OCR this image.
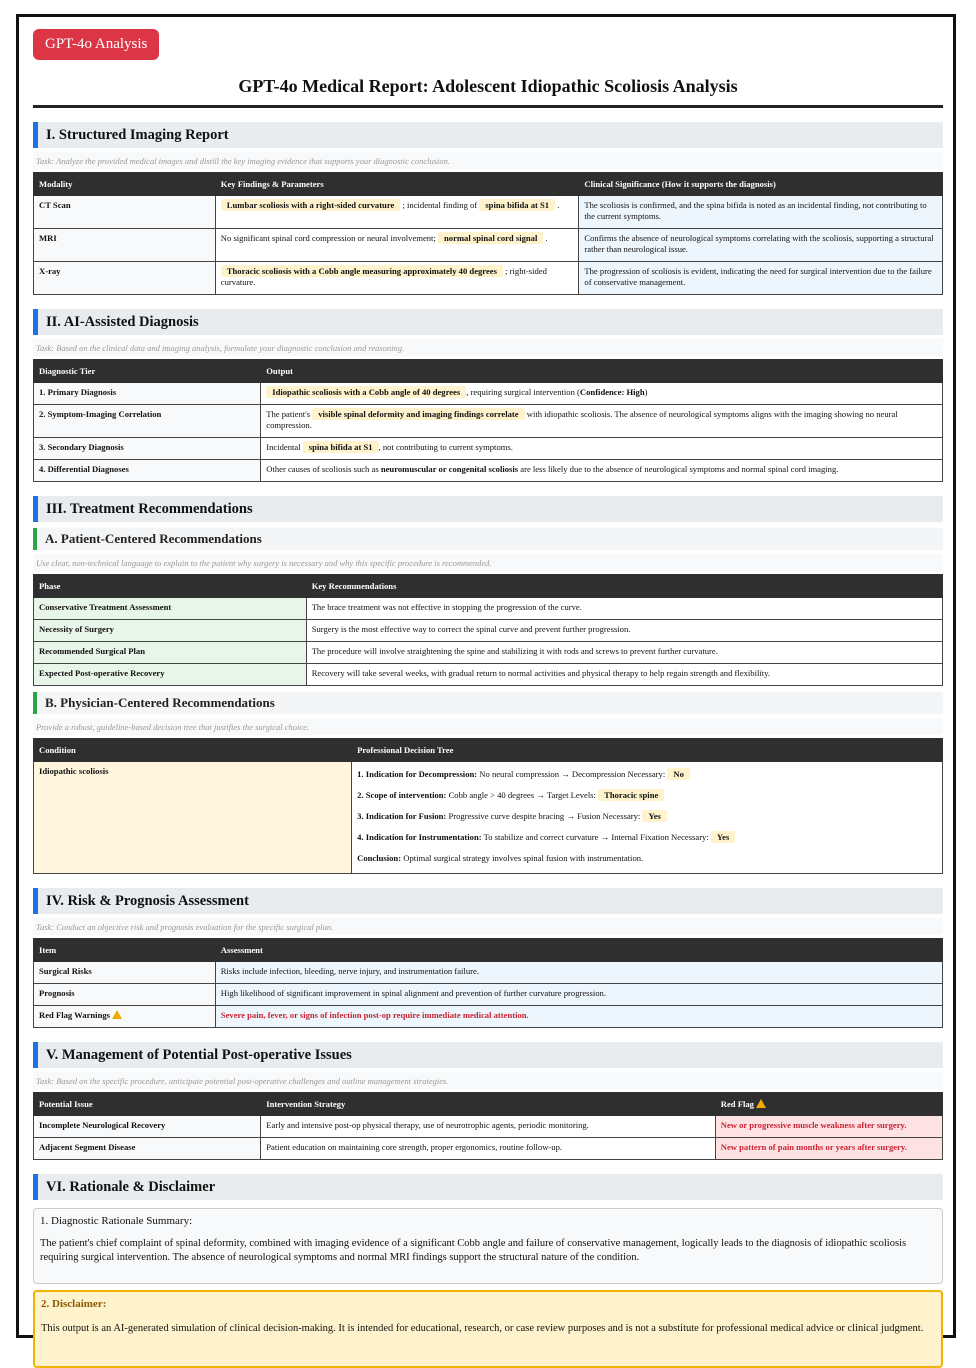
GPT-4o Analysis
GPT-4o Medical Report: Adolescent Idiopathic Scoliosis Analysis
I. Structured Imaging Report
Task: Analyze the provided medical images and distill the key imaging evidence that supports your diagnostic conclusion.
Modality	Key Findings & Parameters	Clinical Significance (How it supports the diagnosis)
CT Scan	Lumbar scoliosis with a right-sided curvature ; incidental finding of spina bifida at S1 .	The scoliosis is confirmed, and the spina bifida is noted as an incidental finding, not contributing to the current symptoms.
MRI	No significant spinal cord compression or neural involvement; normal spinal cord signal .	Confirms the absence of neurological symptoms correlating with the scoliosis, supporting a structural rather than neurological issue.
X-ray	Thoracic scoliosis with a Cobb angle measuring approximately 40 degrees ; right-sided curvature.	The progression of scoliosis is evident, indicating the need for surgical intervention due to the failure of conservative management.
II. AI-Assisted Diagnosis
Task: Based on the clinical data and imaging analysis, formulate your diagnostic conclusion and reasoning.
Diagnostic Tier	Output
1. Primary Diagnosis	Idiopathic scoliosis with a Cobb angle of 40 degrees , requiring surgical intervention (Confidence: High)
2. Symptom-Imaging Correlation	The patient's visible spinal deformity and imaging findings correlate with idiopathic scoliosis. The absence of neurological symptoms aligns with the imaging showing no neural compression.
3. Secondary Diagnosis	Incidental spina bifida at S1 , not contributing to current symptoms.
4. Differential Diagnoses	Other causes of scoliosis such as neuromuscular or congenital scoliosis are less likely due to the absence of neurological symptoms and normal spinal cord imaging.
III. Treatment Recommendations
A. Patient-Centered Recommendations
Use clear, non-technical language to explain to the patient why surgery is necessary and why this specific procedure is recommended.
Phase	Key Recommendations
Conservative Treatment Assessment	The brace treatment was not effective in stopping the progression of the curve.
Necessity of Surgery	Surgery is the most effective way to correct the spinal curve and prevent further progression.
Recommended Surgical Plan	The procedure will involve straightening the spine and stabilizing it with rods and screws to prevent further curvature.
Expected Post-operative Recovery	Recovery will take several weeks, with gradual return to normal activities and physical therapy to help regain strength and flexibility.
B. Physician-Centered Recommendations
Provide a robust, guideline-based decision tree that justifies the surgical choice.
Condition	Professional Decision Tree
Idiopathic scoliosis	1. Indication for Decompression: No neural compression → Decompression Necessary: No
2. Scope of intervention: Cobb angle > 40 degrees → Target Levels: Thoracic spine
3. Indication for Fusion: Progressive curve despite bracing → Fusion Necessary: Yes
4. Indication for Instrumentation: To stabilize and correct curvature → Internal Fixation Necessary: Yes
Conclusion: Optimal surgical strategy involves spinal fusion with instrumentation.
IV. Risk & Prognosis Assessment
Task: Conduct an objective risk and prognosis evaluation for the specific surgical plan.
Item	Assessment
Surgical Risks	Risks include infection, bleeding, nerve injury, and instrumentation failure.
Prognosis	High likelihood of significant improvement in spinal alignment and prevention of further curvature progression.
Red Flag Warnings	Severe pain, fever, or signs of infection post-op require immediate medical attention.
V. Management of Potential Post-operative Issues
Task: Based on the specific procedure, anticipate potential post-operative challenges and outline management strategies.
Potential Issue	Intervention Strategy	Red Flag
Incomplete Neurological Recovery	Early and intensive post-op physical therapy, use of neurotrophic agents, periodic monitoring.	New or progressive muscle weakness after surgery.
Adjacent Segment Disease	Patient education on maintaining core strength, proper ergonomics, routine follow-up.	New pattern of pain months or years after surgery.
VI. Rationale & Disclaimer
1. Diagnostic Rationale Summary:

The patient's chief complaint of spinal deformity, combined with imaging evidence of a significant Cobb angle and failure of conservative management, logically leads to the diagnosis of idiopathic scoliosis requiring surgical intervention. The absence of neurological symptoms and normal MRI findings support the structural nature of the condition.

2. Disclaimer:

This output is an AI-generated simulation of clinical decision-making. It is intended for educational, research, or case review purposes and is not a substitute for professional medical advice or clinical judgment.
